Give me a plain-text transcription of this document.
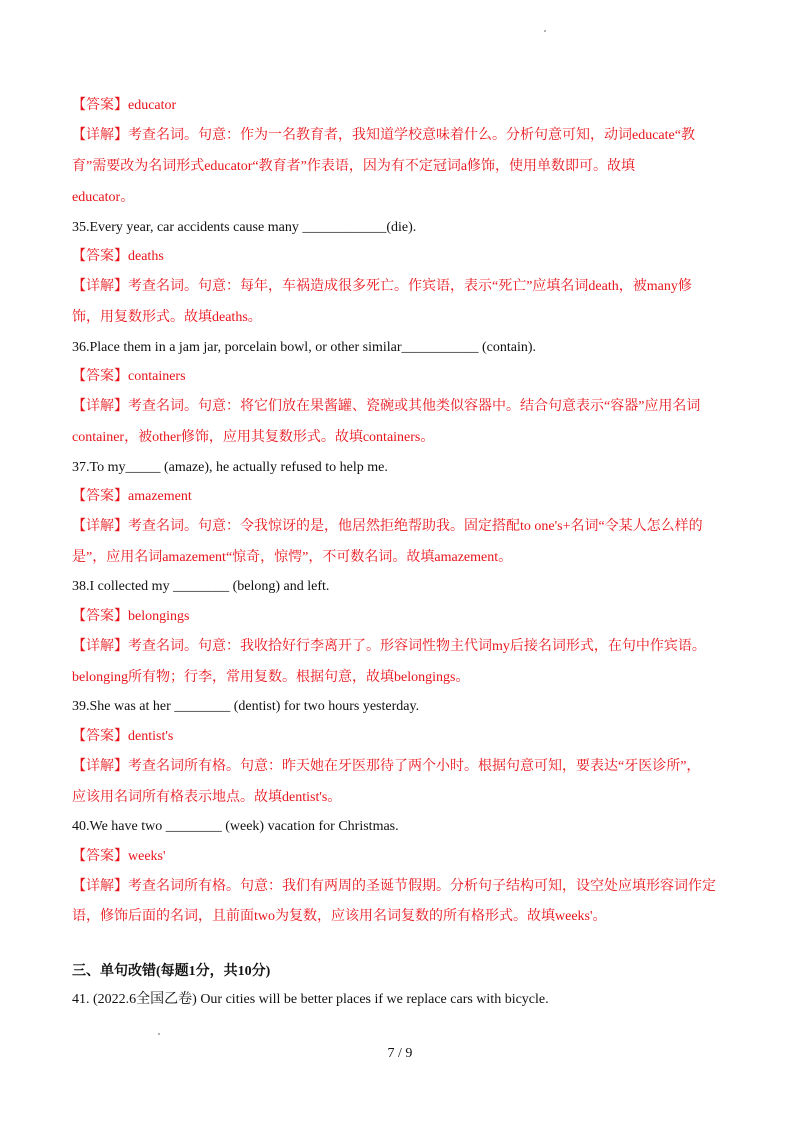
7 / 9
【答案】educator
【详解】考查名词。句意：作为一名教育者，我知道学校意味着什么。分析句意可知，动词educate“教
育”需要改为名词形式educator“教育者”作表语，因为有不定冠词a修饰，使用单数即可。故填
educator。
35.Every year, car accidents cause many ____________(die).
【答案】deaths
【详解】考查名词。句意：每年，车祸造成很多死亡。作宾语，表示“死亡”应填名词death，被many修
饰，用复数形式。故填deaths。
36.Place them in a jam jar, porcelain bowl, or other similar___________ (contain).
【答案】containers
【详解】考查名词。句意：将它们放在果酱罐、瓷碗或其他类似容器中。结合句意表示“容器”应用名词
container，被other修饰，应用其复数形式。故填containers。
37.To my_____ (amaze), he actually refused to help me.
【答案】amazement
【详解】考查名词。句意：令我惊讶的是，他居然拒绝帮助我。固定搭配to one's+名词“令某人怎么样的
是”，应用名词amazement“惊奇，惊愕”，不可数名词。故填amazement。
38.I collected my ________ (belong) and left.
【答案】belongings
【详解】考查名词。句意：我收拾好行李离开了。形容词性物主代词my后接名词形式，在句中作宾语。
belonging所有物；行李，常用复数。根据句意，故填belongings。
39.She was at her ________ (dentist) for two hours yesterday.
【答案】dentist's
【详解】考查名词所有格。句意：昨天她在牙医那待了两个小时。根据句意可知，要表达“牙医诊所”，
应该用名词所有格表示地点。故填dentist's。
40.We have two ________ (week) vacation for Christmas.
【答案】weeks'
【详解】考查名词所有格。句意：我们有两周的圣诞节假期。分析句子结构可知，设空处应填形容词作定
语，修饰后面的名词，且前面two为复数，应该用名词复数的所有格形式。故填weeks'。
三、单句改错(每题1分，共10分)
41. (2022.6全国乙卷) Our cities will be better places if we replace cars with bicycle.
